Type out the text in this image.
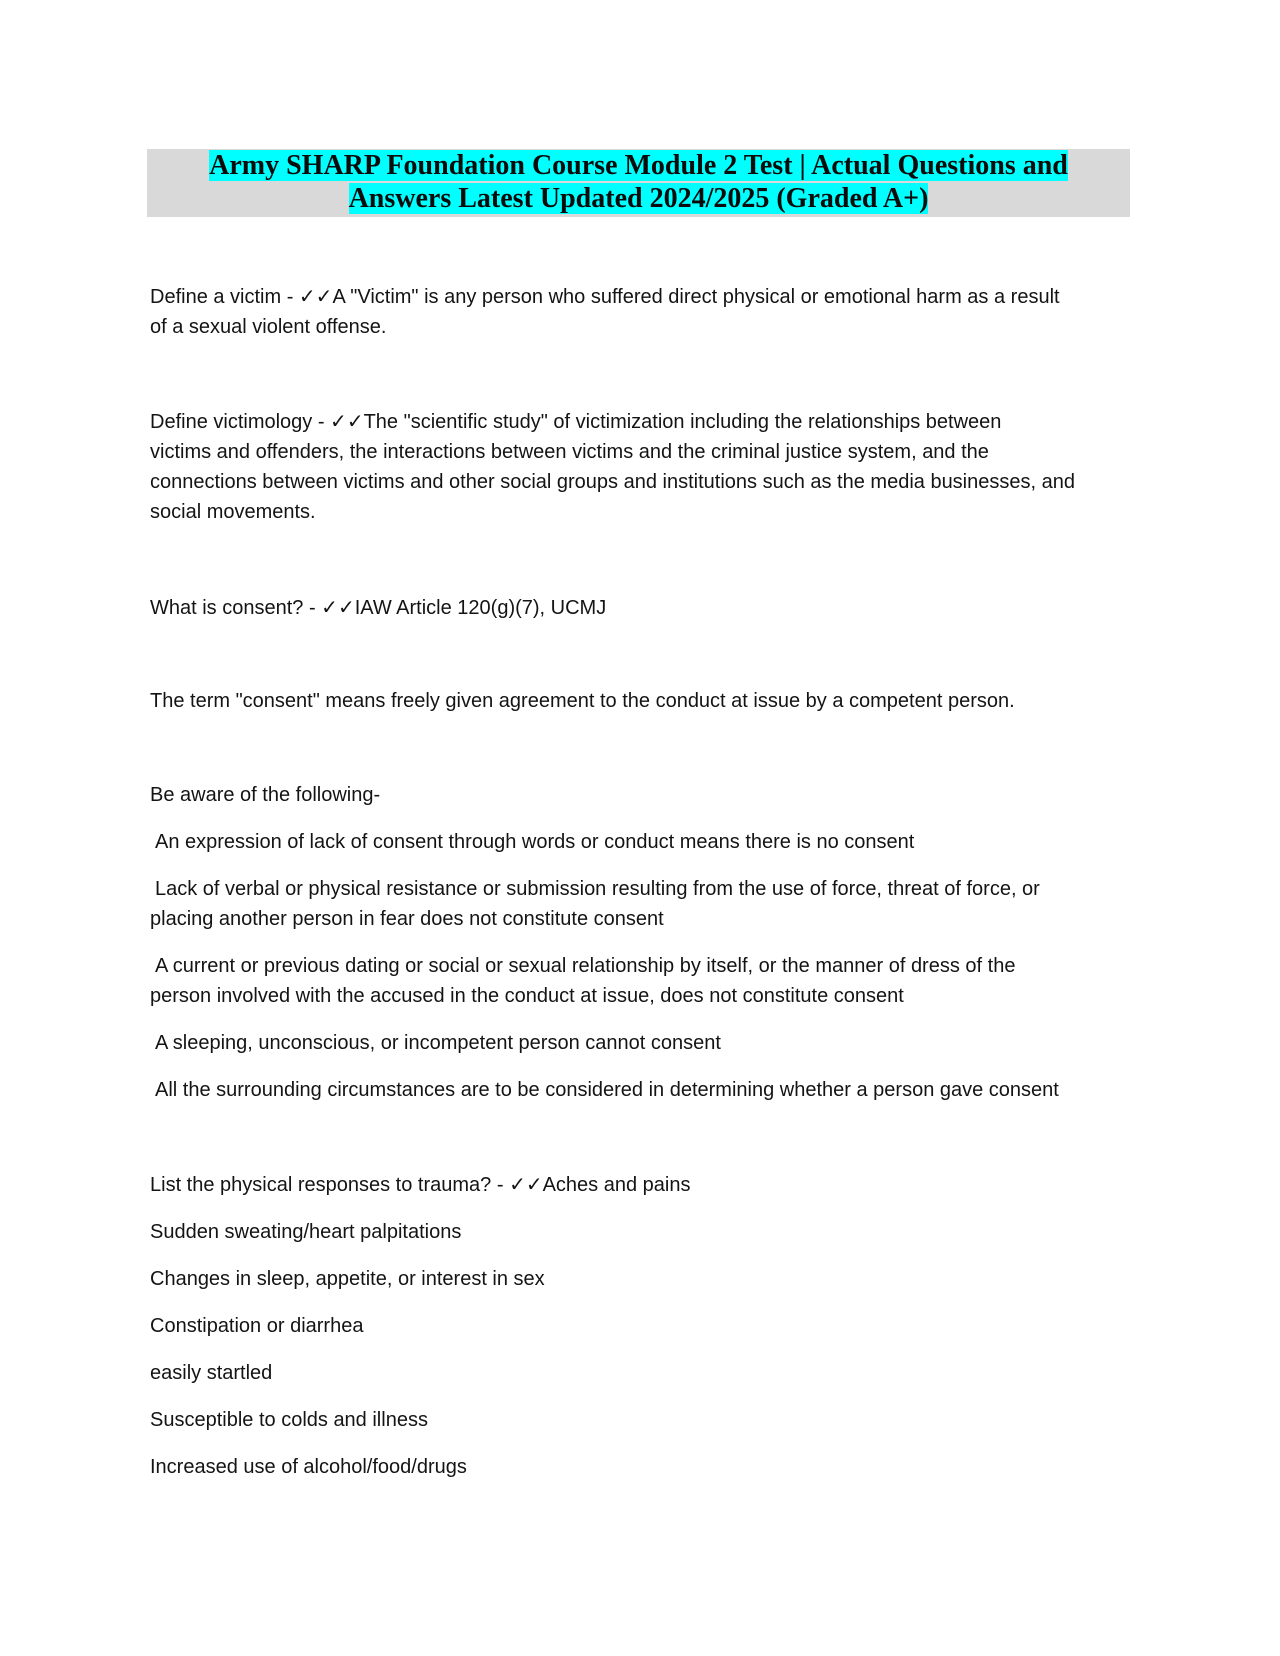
Army SHARP Foundation Course Module 2 Test | Actual Questions and
Answers Latest Updated 2024/2025 (Graded A+)
Define a victim - ✓✓A "Victim" is any person who suffered direct physical or emotional harm as a result
of a sexual violent offense.
Define victimology - ✓✓The "scientific study" of victimization including the relationships between
victims and offenders, the interactions between victims and the criminal justice system, and the
connections between victims and other social groups and institutions such as the media businesses, and
social movements.
What is consent? - ✓✓IAW Article 120(g)(7), UCMJ
The term "consent" means freely given agreement to the conduct at issue by a competent person.
Be aware of the following-
An expression of lack of consent through words or conduct means there is no consent
Lack of verbal or physical resistance or submission resulting from the use of force, threat of force, or
placing another person in fear does not constitute consent
A current or previous dating or social or sexual relationship by itself, or the manner of dress of the
person involved with the accused in the conduct at issue, does not constitute consent
A sleeping, unconscious, or incompetent person cannot consent
All the surrounding circumstances are to be considered in determining whether a person gave consent
List the physical responses to trauma? - ✓✓Aches and pains
Sudden sweating/heart palpitations
Changes in sleep, appetite, or interest in sex
Constipation or diarrhea
easily startled
Susceptible to colds and illness
Increased use of alcohol/food/drugs
